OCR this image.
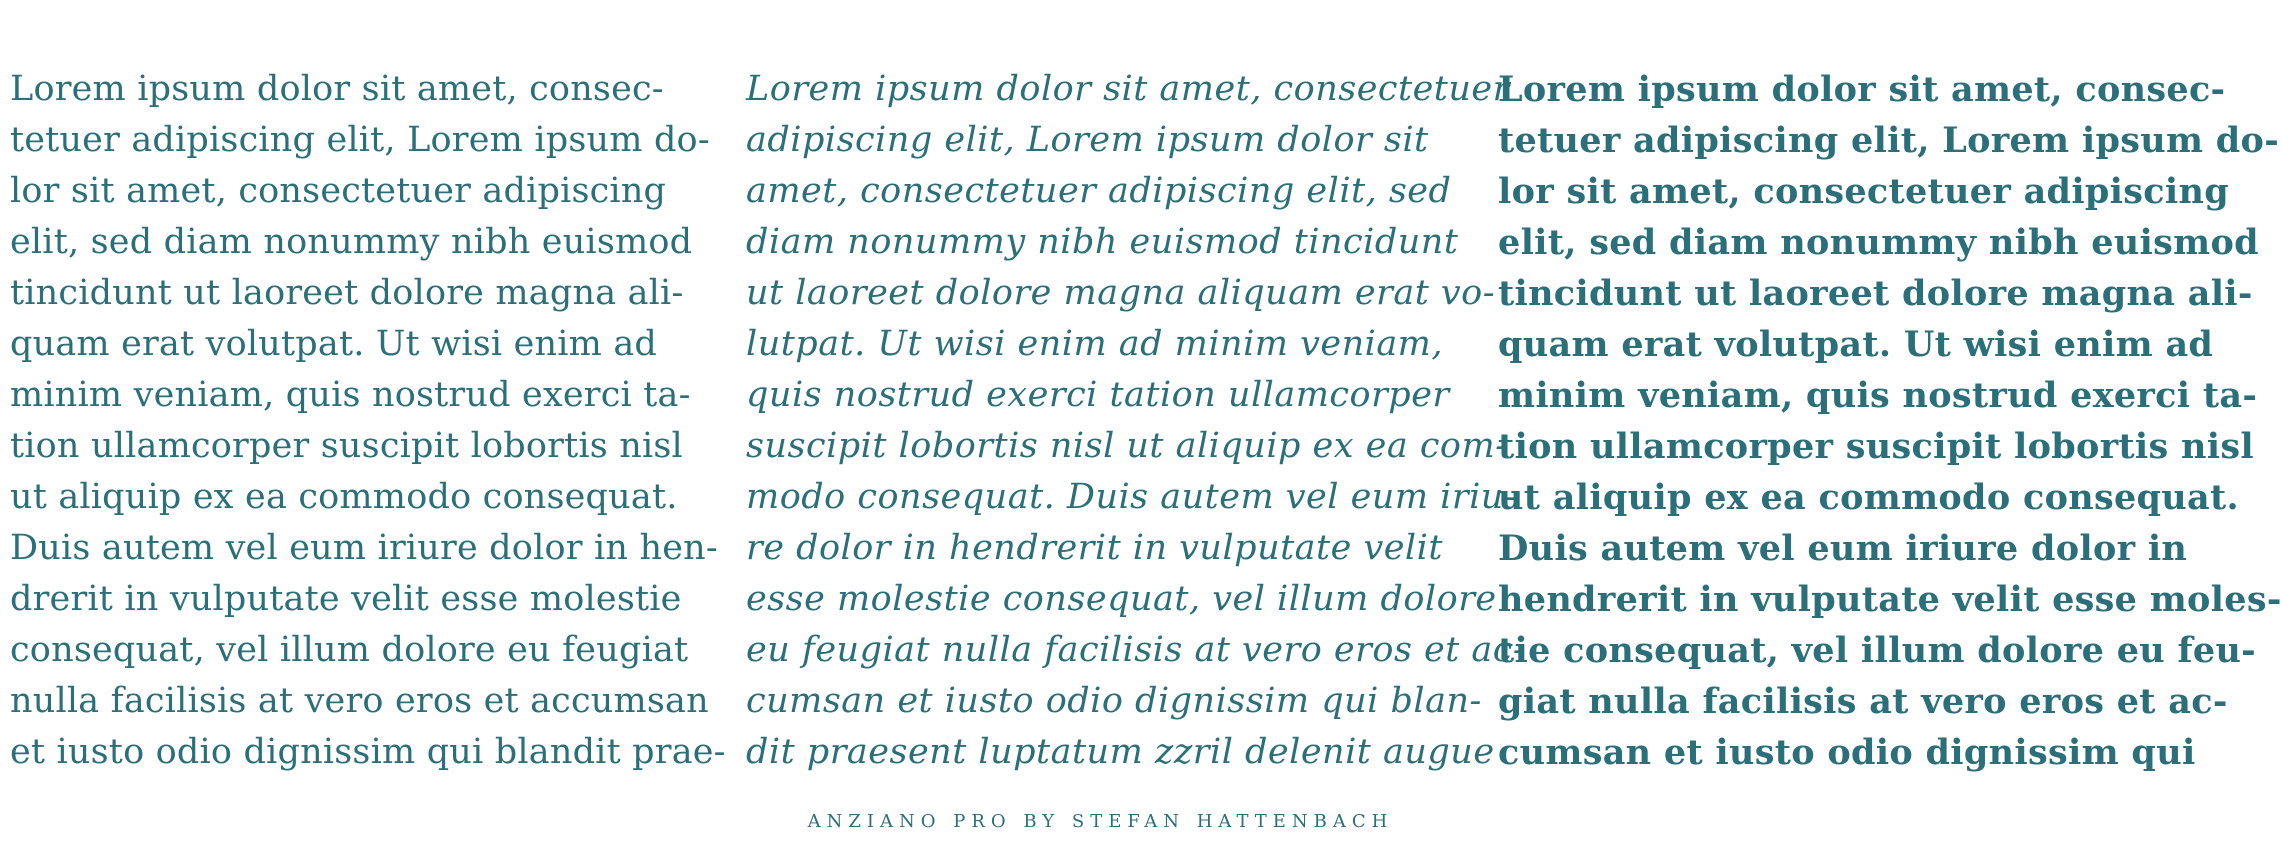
Lorem ipsum dolor sit amet, consec-
tetuer adipiscing elit, Lorem ipsum do-
lor sit amet, consectetuer adipiscing
elit, sed diam nonummy nibh euismod
tincidunt ut laoreet dolore magna ali-
quam erat volutpat. Ut wisi enim ad
minim veniam, quis nostrud exerci ta-
tion ullamcorper suscipit lobortis nisl
ut aliquip ex ea commodo consequat.
Duis autem vel eum iriure dolor in hen-
drerit in vulputate velit esse molestie
consequat, vel illum dolore eu feugiat
nulla facilisis at vero eros et accumsan
et iusto odio dignissim qui blandit prae-
Lorem ipsum dolor sit amet, consectetuer
adipiscing elit, Lorem ipsum dolor sit
amet, consectetuer adipiscing elit, sed
diam nonummy nibh euismod tincidunt
ut laoreet dolore magna aliquam erat vo-
lutpat. Ut wisi enim ad minim veniam,
quis nostrud exerci tation ullamcorper
suscipit lobortis nisl ut aliquip ex ea com-
modo consequat. Duis autem vel eum iriu-
re dolor in hendrerit in vulputate velit
esse molestie consequat, vel illum dolore
eu feugiat nulla facilisis at vero eros et ac-
cumsan et iusto odio dignissim qui blan-
dit praesent luptatum zzril delenit augue
Lorem ipsum dolor sit amet, consec-
tetuer adipiscing elit, Lorem ipsum do-
lor sit amet, consectetuer adipiscing
elit, sed diam nonummy nibh euismod
tincidunt ut laoreet dolore magna ali-
quam erat volutpat. Ut wisi enim ad
minim veniam, quis nostrud exerci ta-
tion ullamcorper suscipit lobortis nisl
ut aliquip ex ea commodo consequat.
Duis autem vel eum iriure dolor in
hendrerit in vulputate velit esse moles-
tie consequat, vel illum dolore eu feu-
giat nulla facilisis at vero eros et ac-
cumsan et iusto odio dignissim qui
ANZIANO PRO BY STEFAN HATTENBACH
